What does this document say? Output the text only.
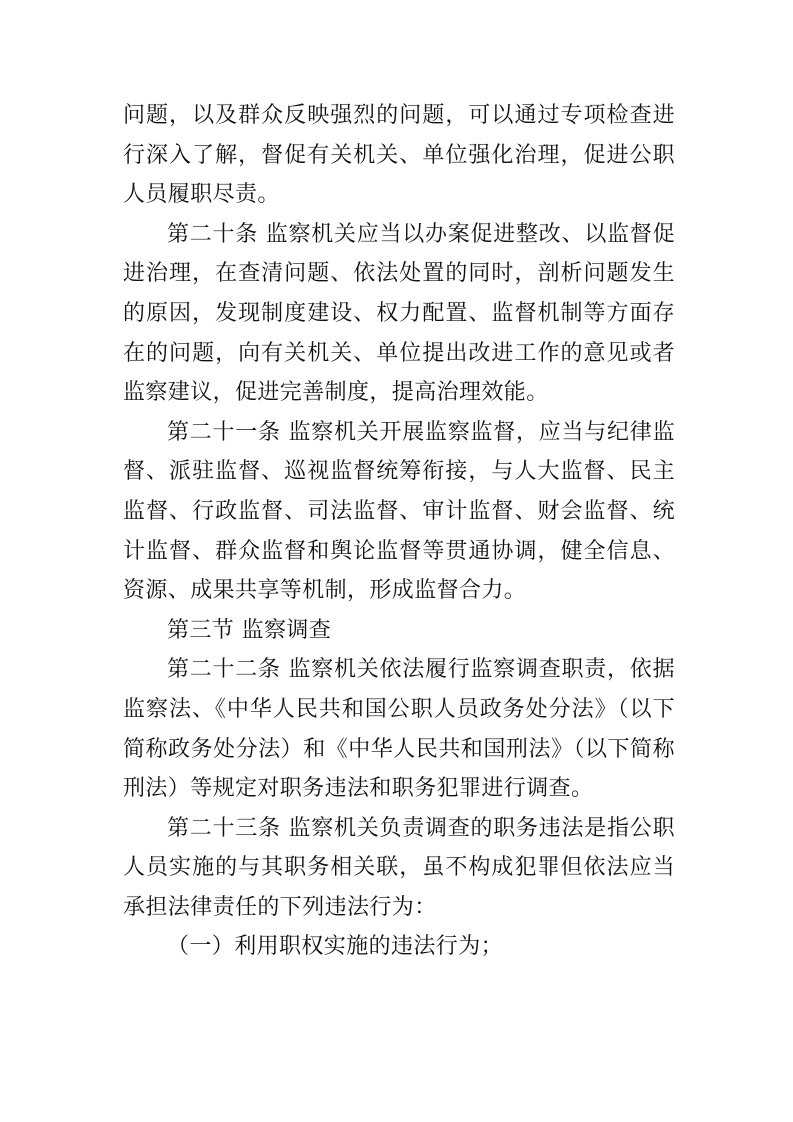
问题，以及群众反映强烈的问题，可以通过专项检查进行深入了解，督促有关机关、单位强化治理，促进公职人员履职尽责。

第二十条 监察机关应当以办案促进整改、以监督促进治理，在查清问题、依法处置的同时，剖析问题发生的原因，发现制度建设、权力配置、监督机制等方面存在的问题，向有关机关、单位提出改进工作的意见或者监察建议，促进完善制度，提高治理效能。

第二十一条 监察机关开展监察监督，应当与纪律监督、派驻监督、巡视监督统筹衔接，与人大监督、民主监督、行政监督、司法监督、审计监督、财会监督、统计监督、群众监督和舆论监督等贯通协调，健全信息、资源、成果共享等机制，形成监督合力。

第三节 监察调查

第二十二条 监察机关依法履行监察调查职责，依据监察法、《中华人民共和国公职人员政务处分法》（以下简称政务处分法）和《中华人民共和国刑法》（以下简称刑法）等规定对职务违法和职务犯罪进行调查。

第二十三条 监察机关负责调查的职务违法是指公职人员实施的与其职务相关联，虽不构成犯罪但依法应当承担法律责任的下列违法行为：

（一）利用职权实施的违法行为；
